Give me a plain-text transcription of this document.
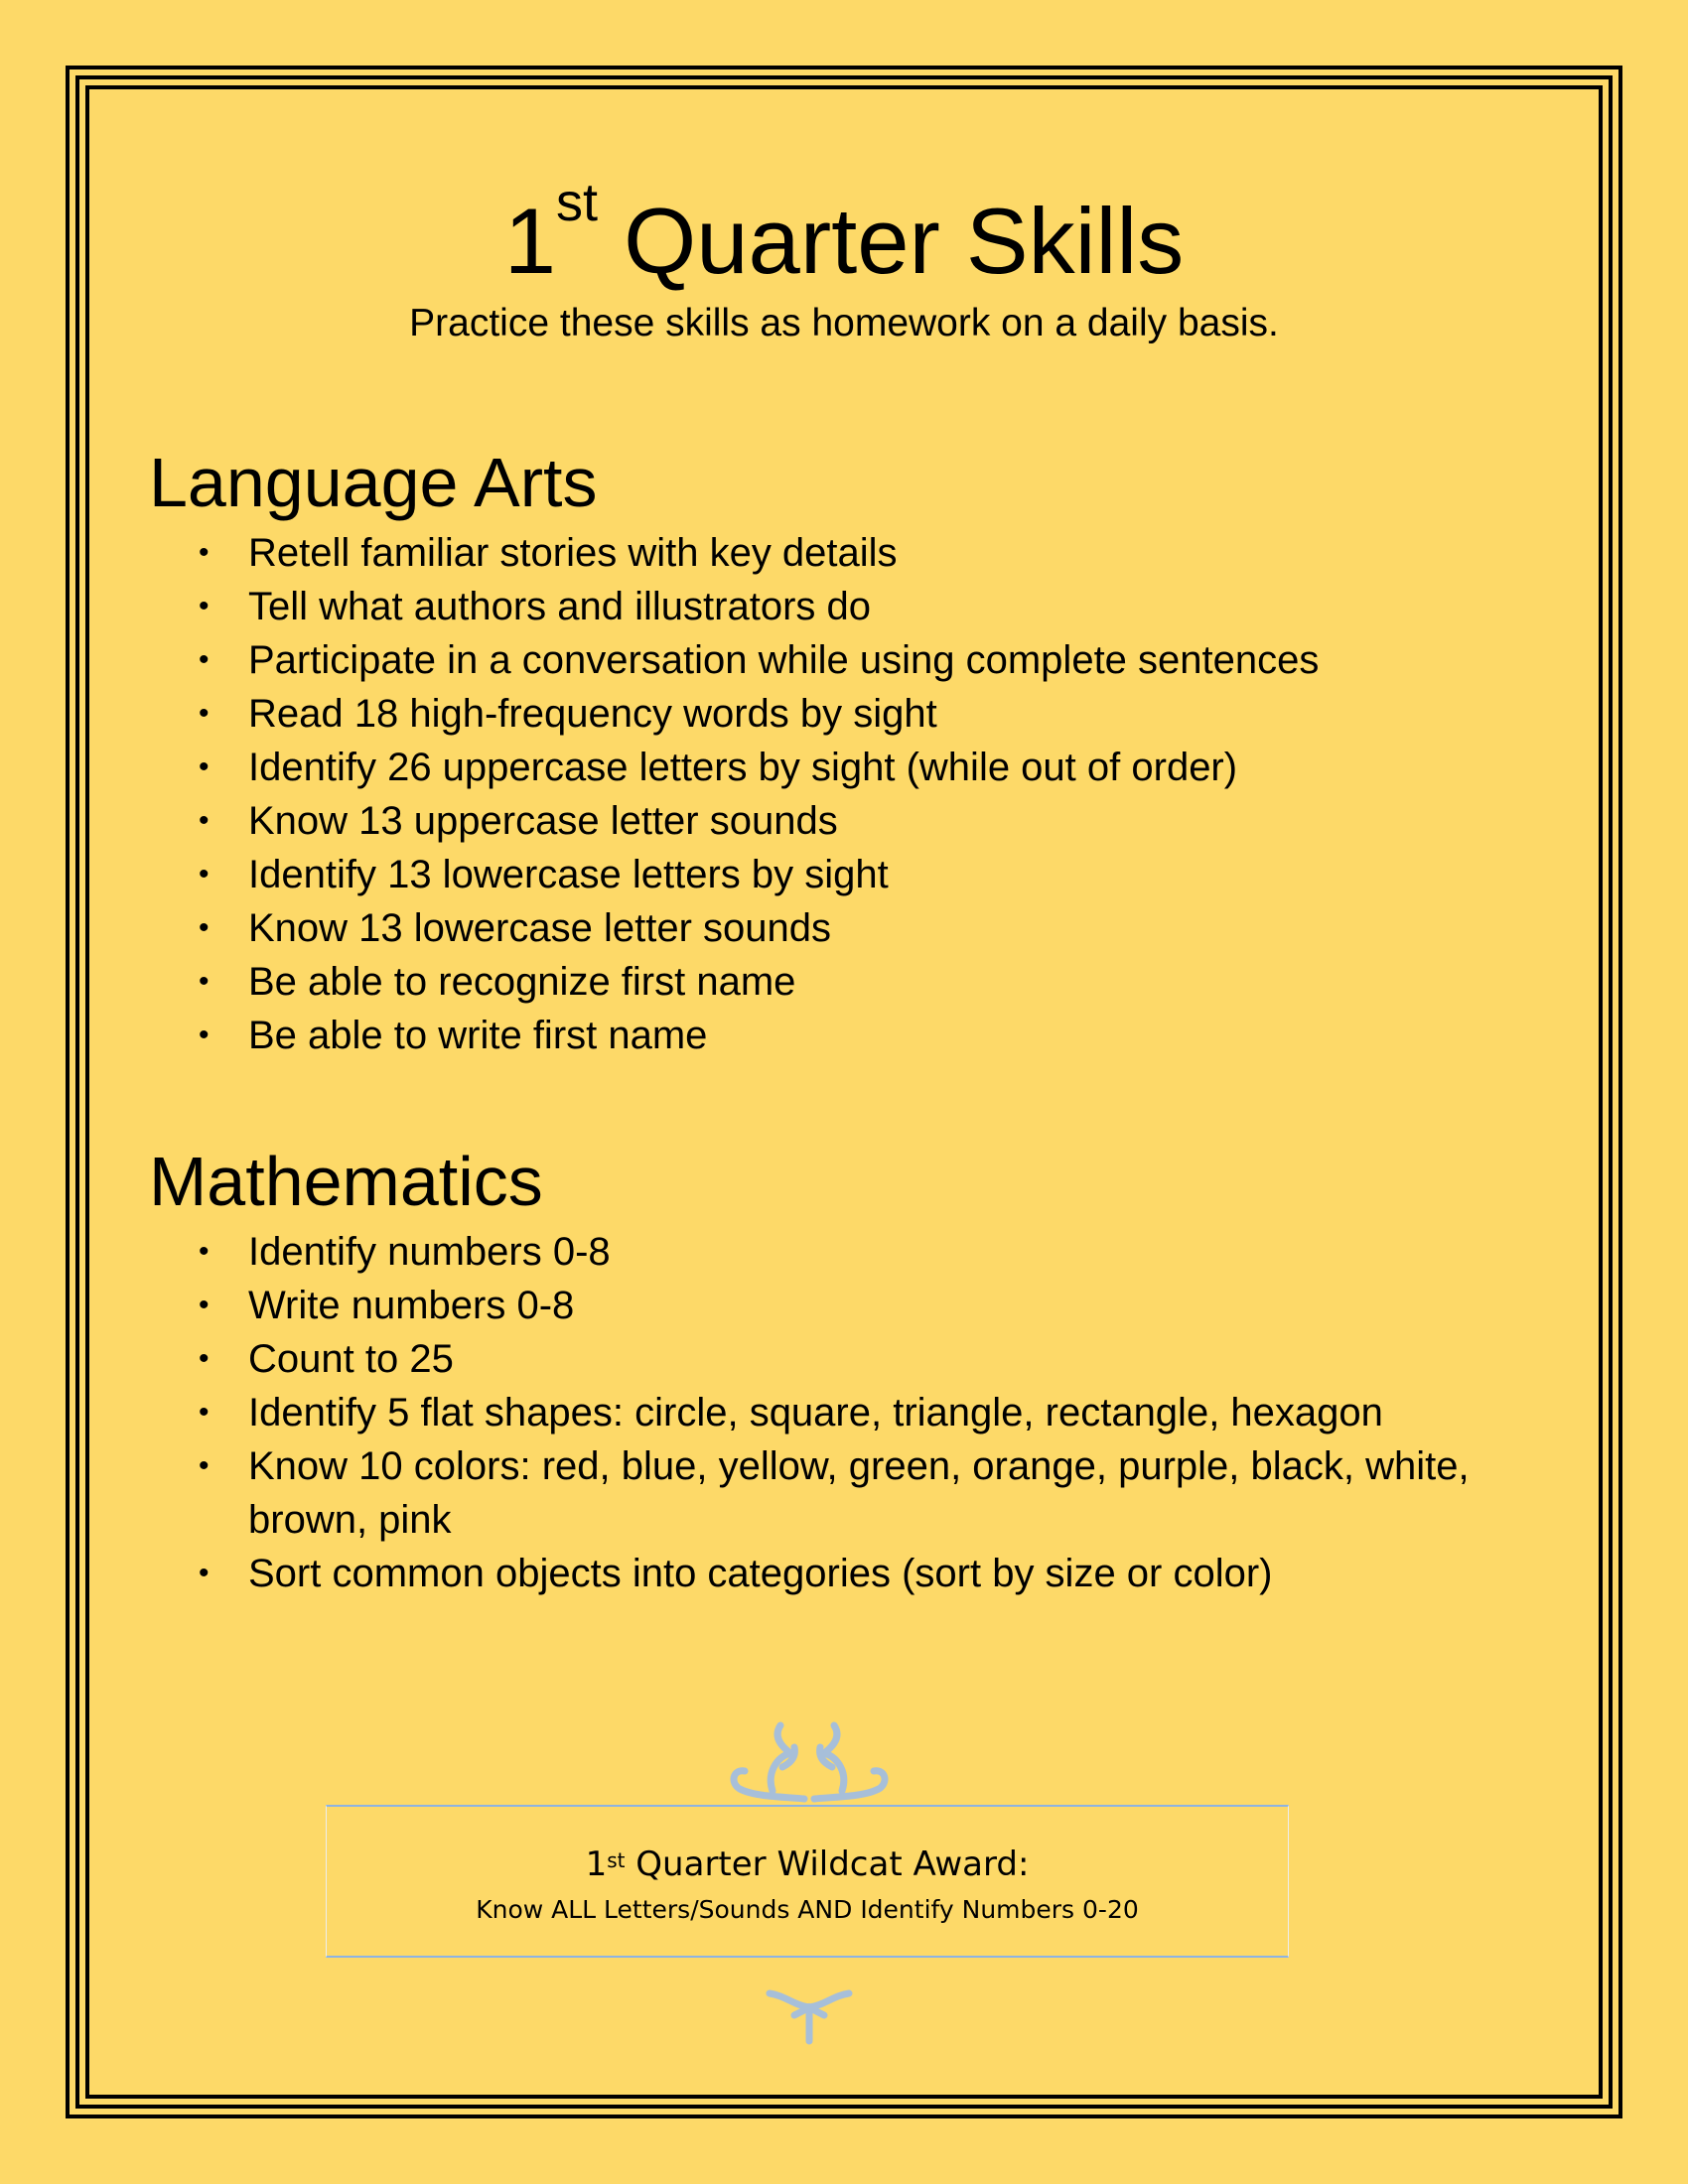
1st Quarter Skills
Practice these skills as homework on a daily basis.
Language Arts
• Retell familiar stories with key details
• Tell what authors and illustrators do
• Participate in a conversation while using complete sentences
• Read 18 high-frequency words by sight
• Identify 26 uppercase letters by sight (while out of order)
• Know 13 uppercase letter sounds
• Identify 13 lowercase letters by sight
• Know 13 lowercase letter sounds
• Be able to recognize first name
• Be able to write first name
Mathematics
• Identify numbers 0-8
• Write numbers 0-8
• Count to 25
• Identify 5 flat shapes: circle, square, triangle, rectangle, hexagon
• Know 10 colors: red, blue, yellow, green, orange, purple, black, white, brown, pink
• Sort common objects into categories (sort by size or color)
1st Quarter Wildcat Award:
Know ALL Letters/Sounds AND Identify Numbers 0-20
